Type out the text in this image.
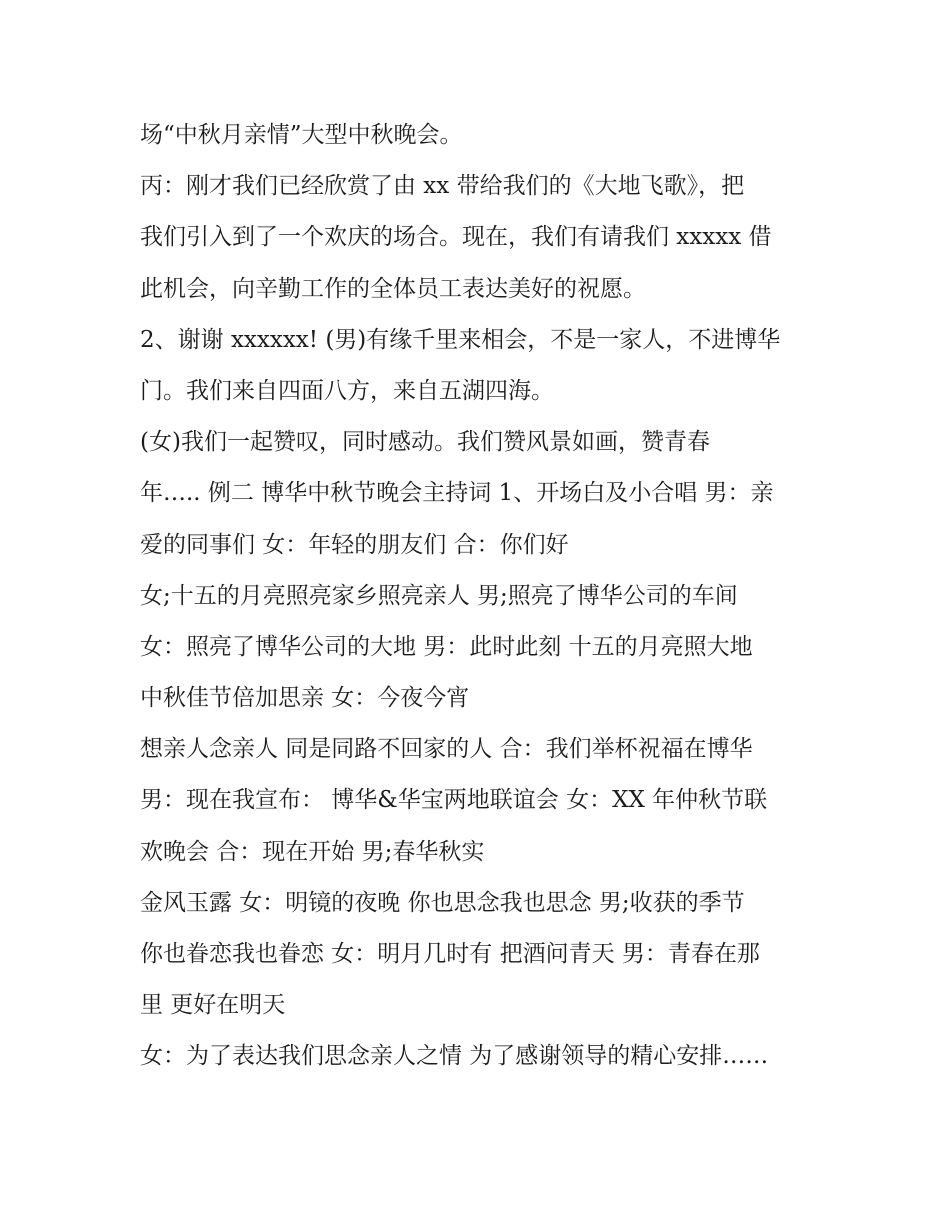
场“中秋月亲情”大型中秋晚会。
丙：刚才我们已经欣赏了由 xx 带给我们的《大地飞歌》，把
我们引入到了一个欢庆的场合。现在，我们有请我们 xxxxx 借
此机会，向辛勤工作的全体员工表达美好的祝愿。
2、谢谢 xxxxxx! (男)有缘千里来相会，不是一家人，不进博华
门。我们来自四面八方，来自五湖四海。
(女)我们一起赞叹，同时感动。我们赞风景如画，赞青春
年….. 例二 博华中秋节晚会主持词 1、开场白及小合唱 男：亲
爱的同事们 女：年轻的朋友们 合：你们好
女;十五的月亮照亮家乡照亮亲人 男;照亮了博华公司的车间
女：照亮了博华公司的大地 男：此时此刻 十五的月亮照大地
中秋佳节倍加思亲 女：今夜今宵
想亲人念亲人 同是同路不回家的人 合：我们举杯祝福在博华
男：现在我宣布： 博华&华宝两地联谊会 女：XX 年仲秋节联
欢晚会 合：现在开始 男;春华秋实
金风玉露 女：明镜的夜晚 你也思念我也思念 男;收获的季节
你也眷恋我也眷恋 女：明月几时有 把酒问青天 男：青春在那
里 更好在明天
女：为了表达我们思念亲人之情 为了感谢领导的精心安排……
